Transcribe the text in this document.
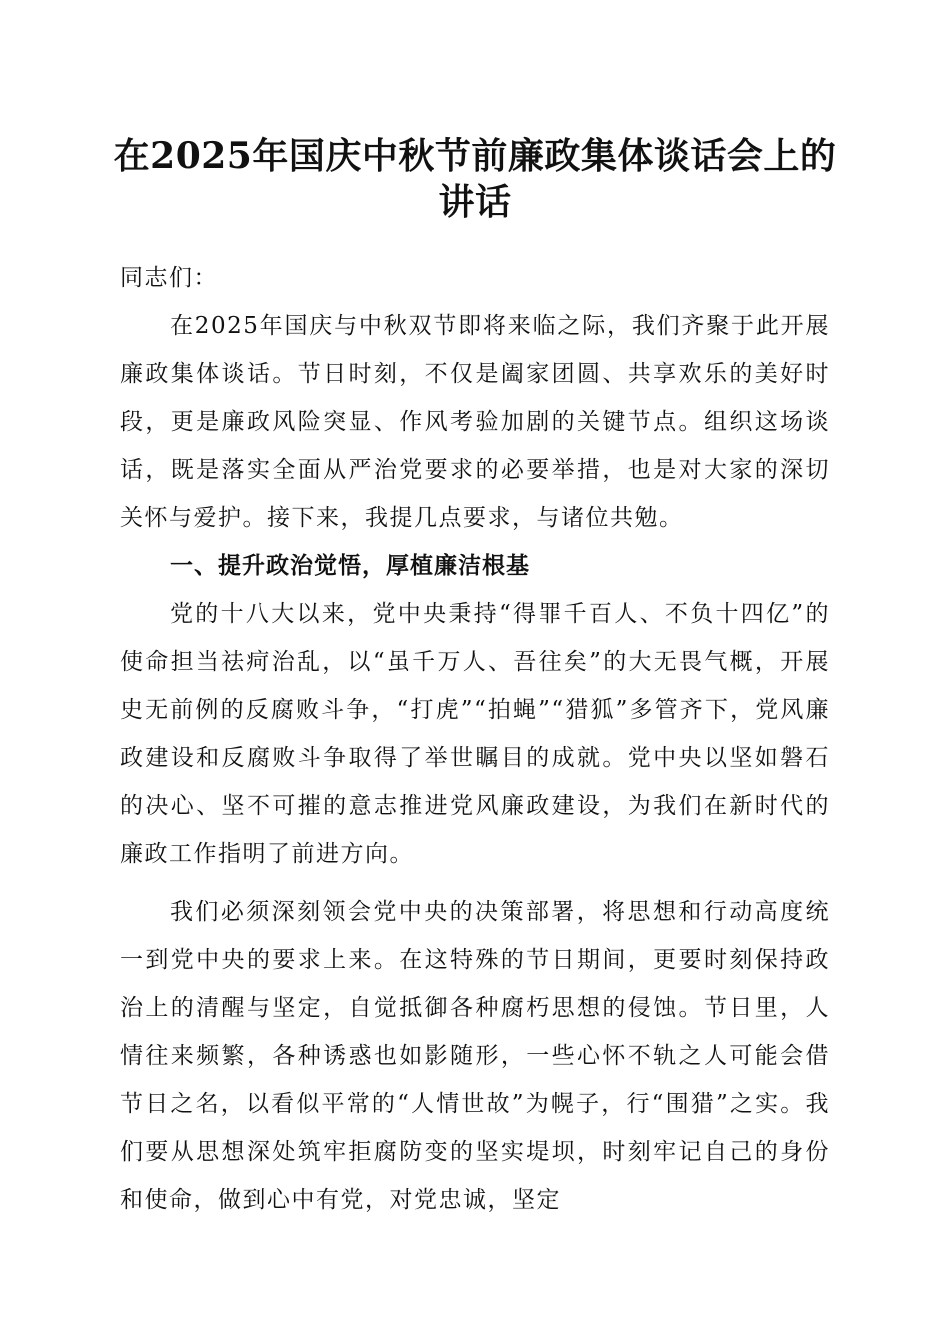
在2025年国庆中秋节前廉政集体谈话会上的
讲话

同志们：

在2025年国庆与中秋双节即将来临之际，我们齐聚于此开展廉政集体谈话。节日时刻，不仅是阖家团圆、共享欢乐的美好时段，更是廉政风险突显、作风考验加剧的关键节点。组织这场谈话，既是落实全面从严治党要求的必要举措，也是对大家的深切关怀与爱护。接下来，我提几点要求，与诸位共勉。

一、提升政治觉悟，厚植廉洁根基

党的十八大以来，党中央秉持“得罪千百人、不负十四亿”的使命担当祛疴治乱，以“虽千万人、吾往矣”的大无畏气概，开展史无前例的反腐败斗争，“打虎”“拍蝇”“猎狐”多管齐下，党风廉政建设和反腐败斗争取得了举世瞩目的成就。党中央以坚如磐石的决心、坚不可摧的意志推进党风廉政建设，为我们在新时代的廉政工作指明了前进方向。

我们必须深刻领会党中央的决策部署，将思想和行动高度统一到党中央的要求上来。在这特殊的节日期间，更要时刻保持政治上的清醒与坚定，自觉抵御各种腐朽思想的侵蚀。节日里，人情往来频繁，各种诱惑也如影随形，一些心怀不轨之人可能会借节日之名，以看似平常的“人情世故”为幌子，行“围猎”之实。我们要从思想深处筑牢拒腐防变的坚实堤坝，时刻牢记自己的身份和使命，做到心中有党，对党忠诚，坚定
